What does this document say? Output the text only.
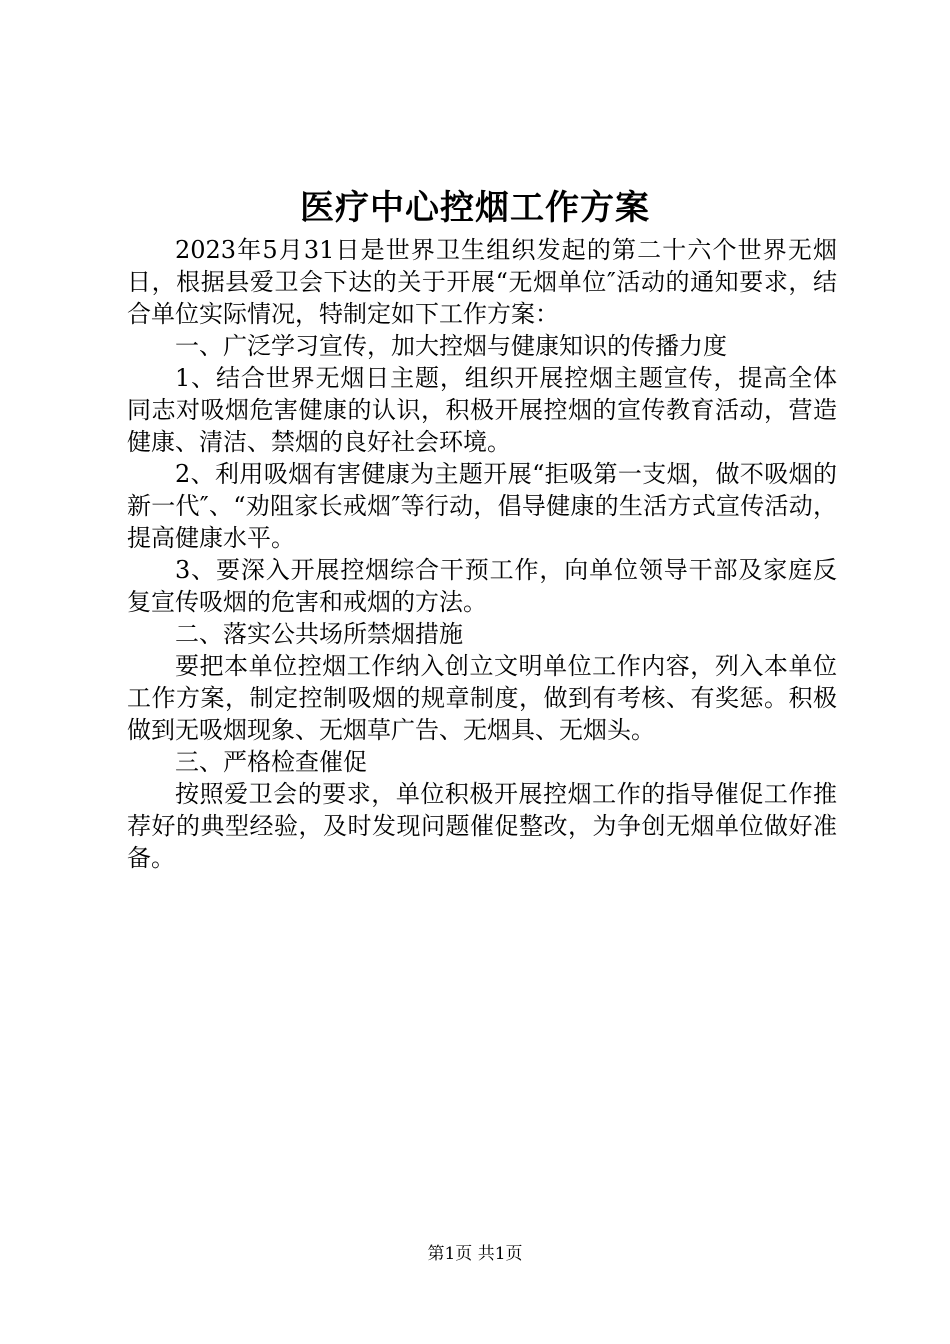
医疗中心控烟工作方案

2023年5月31日是世界卫生组织发起的第二十六个世界无烟日，根据县爱卫会下达的关于开展“无烟单位″活动的通知要求，结合单位实际情况，特制定如下工作方案：

一、广泛学习宣传，加大控烟与健康知识的传播力度

1、结合世界无烟日主题，组织开展控烟主题宣传，提高全体同志对吸烟危害健康的认识，积极开展控烟的宣传教育活动，营造健康、清洁、禁烟的良好社会环境。

2、利用吸烟有害健康为主题开展“拒吸第一支烟，做不吸烟的新一代″、“劝阻家长戒烟″等行动，倡导健康的生活方式宣传活动，提高健康水平。

3、要深入开展控烟综合干预工作，向单位领导干部及家庭反复宣传吸烟的危害和戒烟的方法。

二、落实公共场所禁烟措施

要把本单位控烟工作纳入创立文明单位工作内容，列入本单位工作方案，制定控制吸烟的规章制度，做到有考核、有奖惩。积极做到无吸烟现象、无烟草广告、无烟具、无烟头。

三、严格检查催促

按照爱卫会的要求，单位积极开展控烟工作的指导催促工作推荐好的典型经验，及时发现问题催促整改，为争创无烟单位做好准备。

第1页 共1页
